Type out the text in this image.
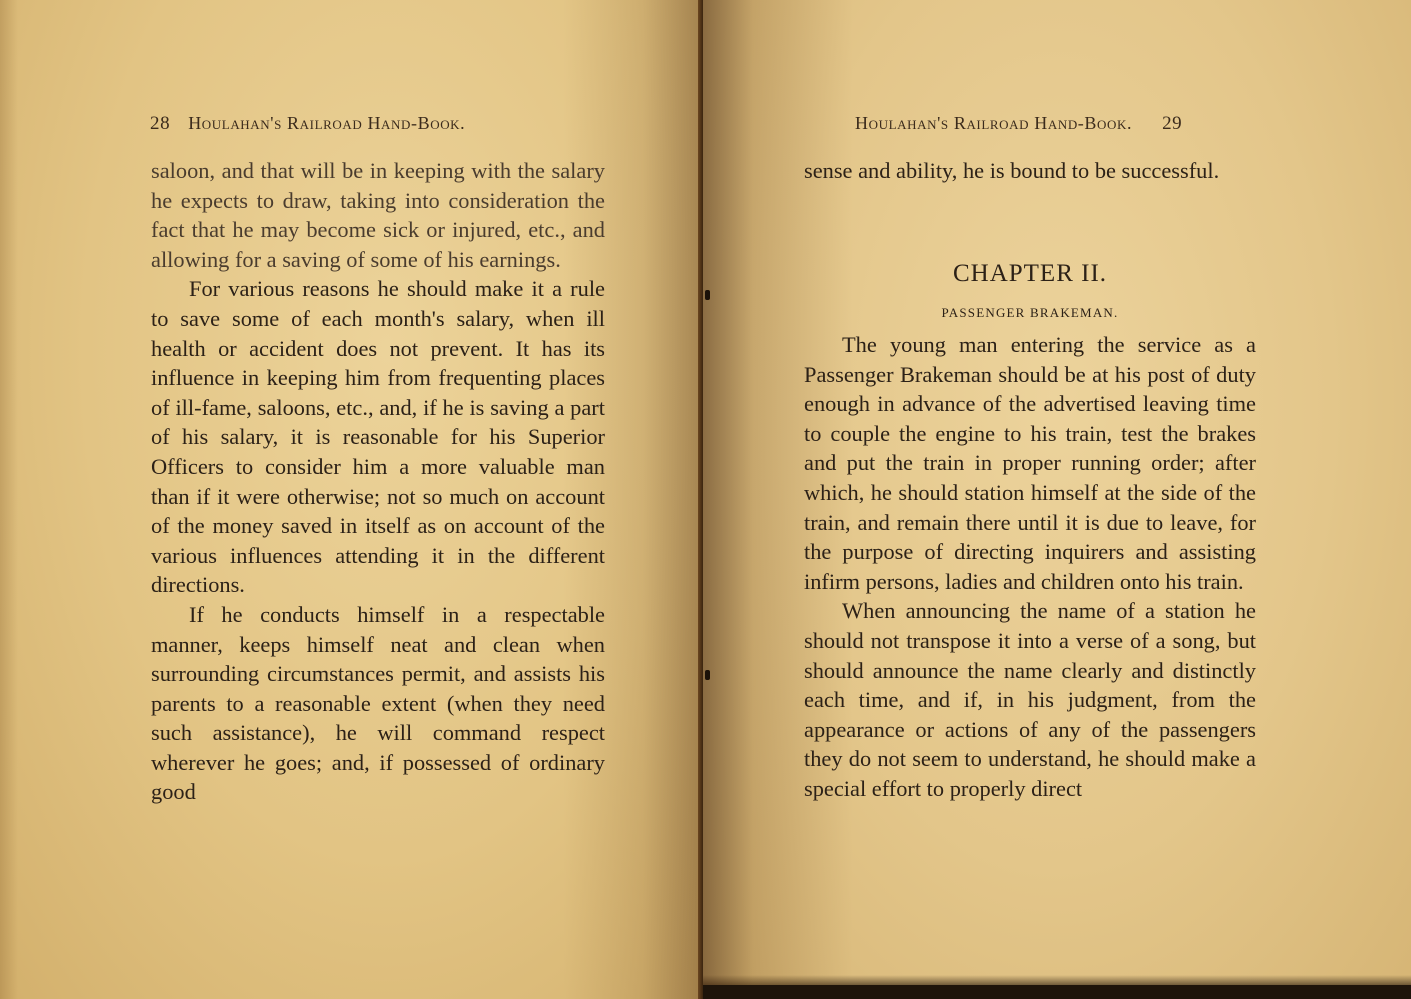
28 Houlahan's Railroad Hand-Book.

saloon, and that will be in keeping with the salary he expects to draw, taking into consideration the fact that he may become sick or injured, etc., and allowing for a saving of some of his earnings.

For various reasons he should make it a rule to save some of each month's salary, when ill health or accident does not prevent. It has its influence in keeping him from frequenting places of ill-fame, saloons, etc., and, if he is saving a part of his salary, it is reasonable for his Superior Officers to consider him a more valuable man than if it were otherwise; not so much on account of the money saved in itself as on account of the various influences attending it in the different directions.

If he conducts himself in a respectable manner, keeps himself neat and clean when surrounding circumstances permit, and assists his parents to a reasonable extent (when they need such assistance), he will command respect wherever he goes; and, if possessed of ordinary good

Houlahan's Railroad Hand-Book. 29

sense and ability, he is bound to be successful.

CHAPTER II.
PASSENGER BRAKEMAN.

The young man entering the service as a Passenger Brakeman should be at his post of duty enough in advance of the advertised leaving time to couple the engine to his train, test the brakes and put the train in proper running order; after which, he should station himself at the side of the train, and remain there until it is due to leave, for the purpose of directing inquirers and assisting infirm persons, ladies and children onto his train.

When announcing the name of a station he should not transpose it into a verse of a song, but should announce the name clearly and distinctly each time, and if, in his judgment, from the appearance or actions of any of the passengers they do not seem to understand, he should make a special effort to properly direct
